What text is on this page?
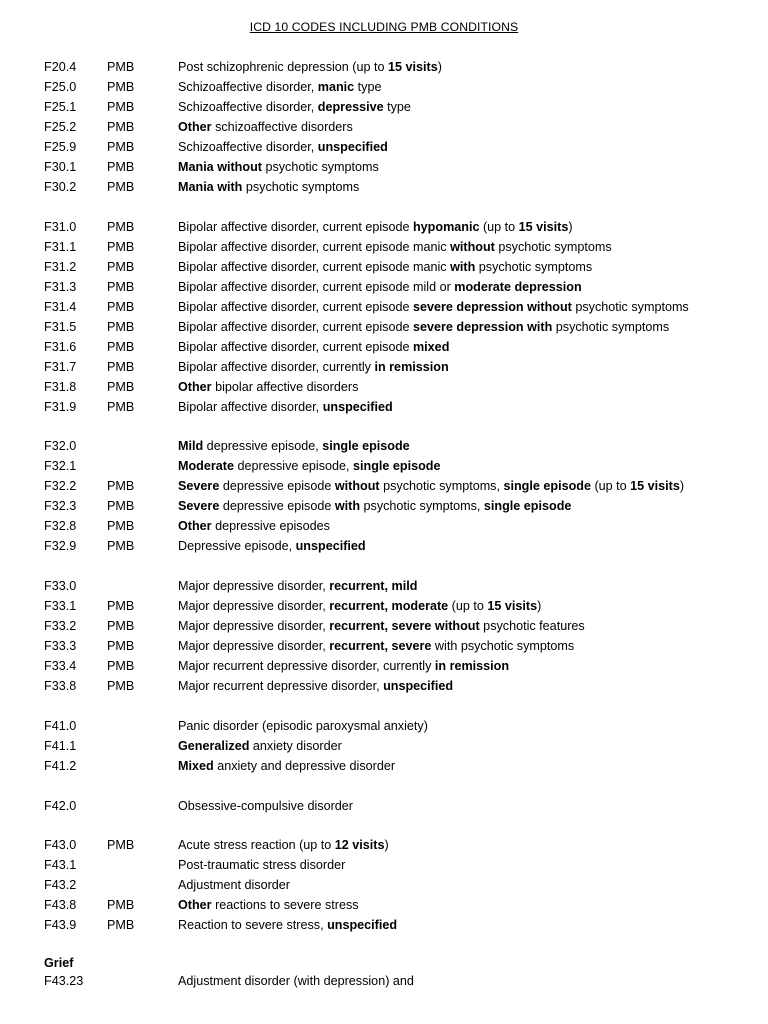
ICD 10 CODES INCLUDING PMB CONDITIONS
F20.4 PMB	Post schizophrenic depression (up to 15 visits)
F25.0 PMB	Schizoaffective disorder, manic type
F25.1 PMB	Schizoaffective disorder, depressive type
F25.2 PMB	Other schizoaffective disorders
F25.9 PMB	Schizoaffective disorder, unspecified
F30.1 PMB	Mania without psychotic symptoms
F30.2 PMB	Mania with psychotic symptoms
F31.0 PMB	Bipolar affective disorder, current episode hypomanic (up to 15 visits)
F31.1 PMB	Bipolar affective disorder, current episode manic without psychotic symptoms
F31.2 PMB	Bipolar affective disorder, current episode manic with psychotic symptoms
F31.3 PMB	Bipolar affective disorder, current episode mild or moderate depression
F31.4 PMB	Bipolar affective disorder, current episode severe depression without psychotic symptoms
F31.5 PMB	Bipolar affective disorder, current episode severe depression with psychotic symptoms
F31.6 PMB	Bipolar affective disorder, current episode mixed
F31.7 PMB	Bipolar affective disorder, currently in remission
F31.8 PMB	Other bipolar affective disorders
F31.9 PMB	Bipolar affective disorder, unspecified
F32.0	Mild depressive episode, single episode
F32.1	Moderate depressive episode, single episode
F32.2 PMB	Severe depressive episode without psychotic symptoms, single episode (up to 15 visits)
F32.3 PMB	Severe depressive episode with psychotic symptoms, single episode
F32.8 PMB	Other depressive episodes
F32.9 PMB	Depressive episode, unspecified
F33.0	Major depressive disorder, recurrent, mild
F33.1 PMB	Major depressive disorder, recurrent, moderate (up to 15 visits)
F33.2 PMB	Major depressive disorder, recurrent, severe without psychotic features
F33.3 PMB	Major depressive disorder, recurrent, severe with psychotic symptoms
F33.4 PMB	Major recurrent depressive disorder, currently in remission
F33.8 PMB	Major recurrent depressive disorder, unspecified
F41.0	Panic disorder (episodic paroxysmal anxiety)
F41.1	Generalized anxiety disorder
F41.2	Mixed anxiety and depressive disorder
F42.0	Obsessive-compulsive disorder
F43.0 PMB	Acute stress reaction (up to 12 visits)
F43.1	Post-traumatic stress disorder
F43.2	Adjustment disorder
F43.8 PMB	Other reactions to severe stress
F43.9 PMB	Reaction to severe stress, unspecified
Grief
F43.23	Adjustment disorder (with depression) and
